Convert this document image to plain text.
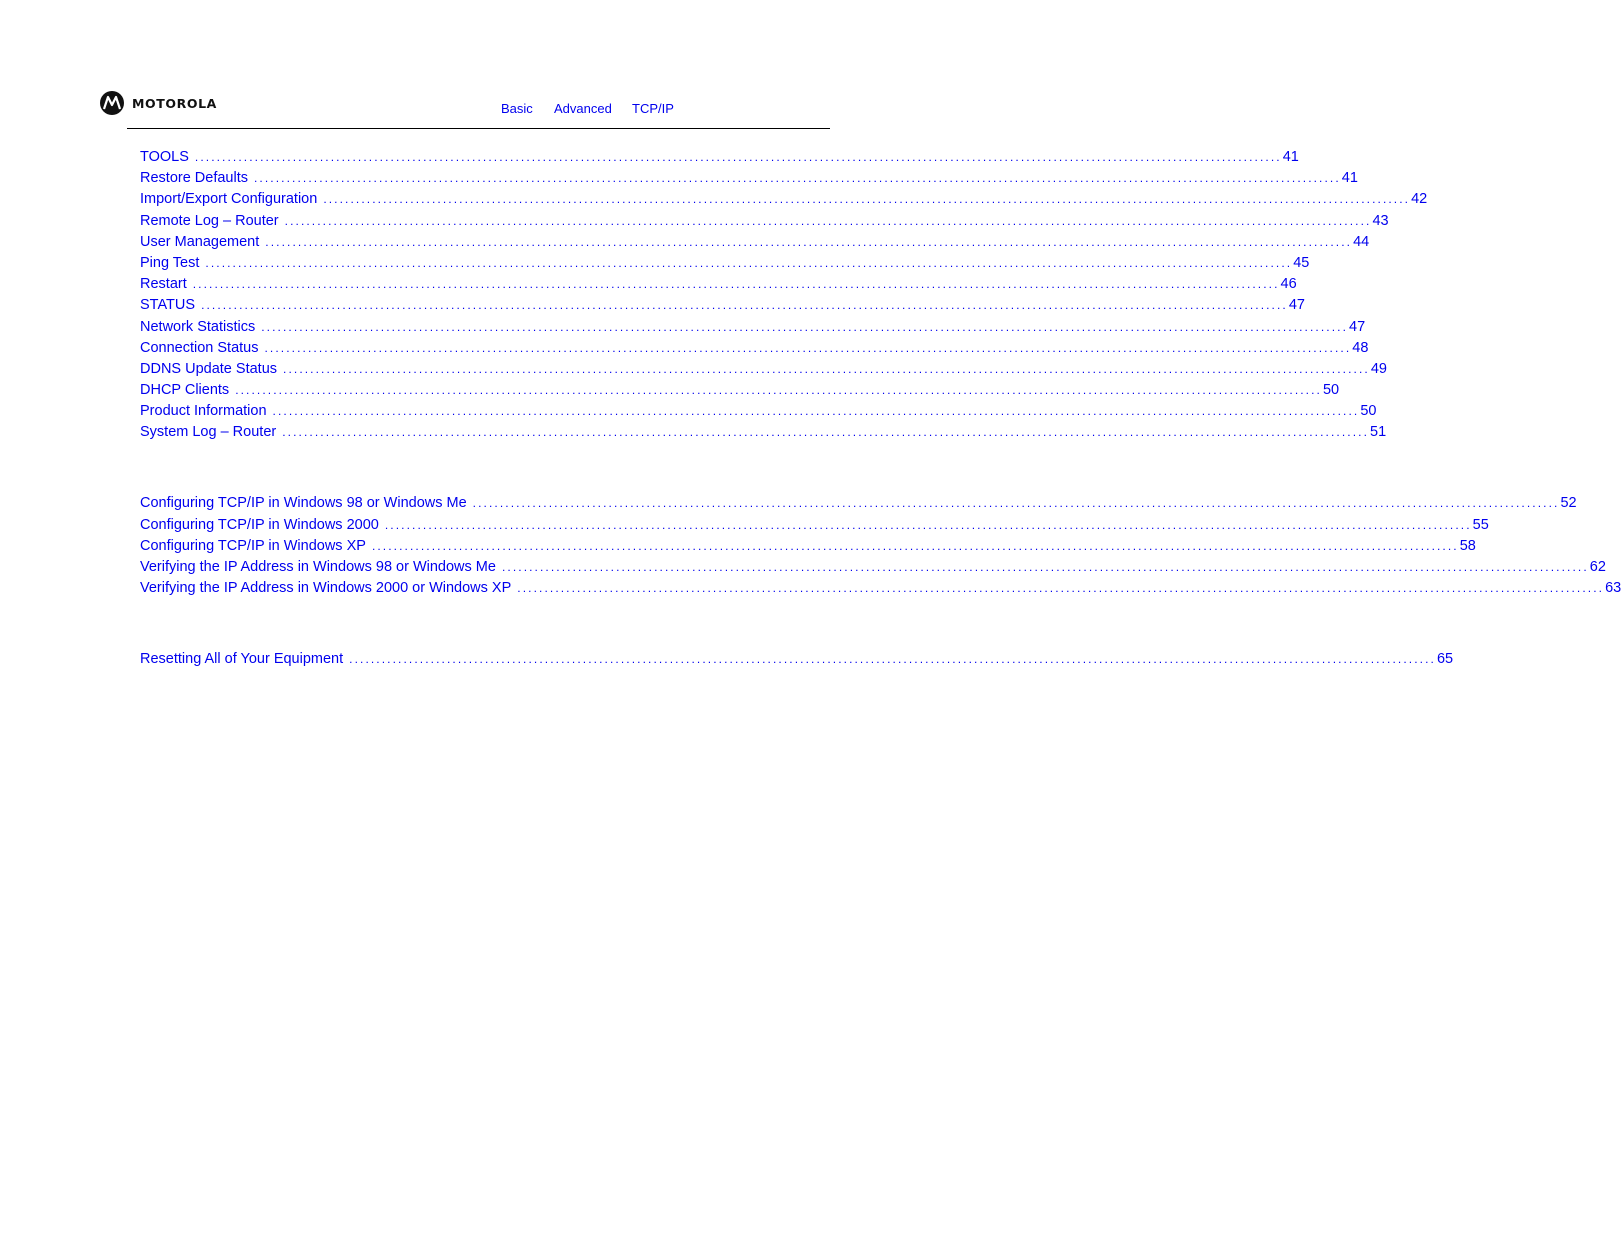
MOTOROLA	Basic Advanced TCP/IP
TOOLS ........................................................................................................................................................................................................ 41
Restore Defaults ........................................................................................................................................................................................................ 41
Import/Export Configuration ........................................................................................................................................................................................................ 42
Remote Log – Router ........................................................................................................................................................................................................ 43
User Management ........................................................................................................................................................................................................ 44
Ping Test ........................................................................................................................................................................................................ 45
Restart ........................................................................................................................................................................................................ 46
STATUS ........................................................................................................................................................................................................ 47
Network Statistics ........................................................................................................................................................................................................ 47
Connection Status ........................................................................................................................................................................................................ 48
DDNS Update Status ........................................................................................................................................................................................................ 49
DHCP Clients ........................................................................................................................................................................................................ 50
Product Information ........................................................................................................................................................................................................ 50
System Log – Router ........................................................................................................................................................................................................ 51
Configuring TCP/IP in Windows 98 or Windows Me ........................................................................................................................................................................................................ 52
Configuring TCP/IP in Windows 2000 ........................................................................................................................................................................................................ 55
Configuring TCP/IP in Windows XP ........................................................................................................................................................................................................ 58
Verifying the IP Address in Windows 98 or Windows Me ........................................................................................................................................................................................................ 62
Verifying the IP Address in Windows 2000 or Windows XP ........................................................................................................................................................................................................ 63
Resetting All of Your Equipment ........................................................................................................................................................................................................ 65
